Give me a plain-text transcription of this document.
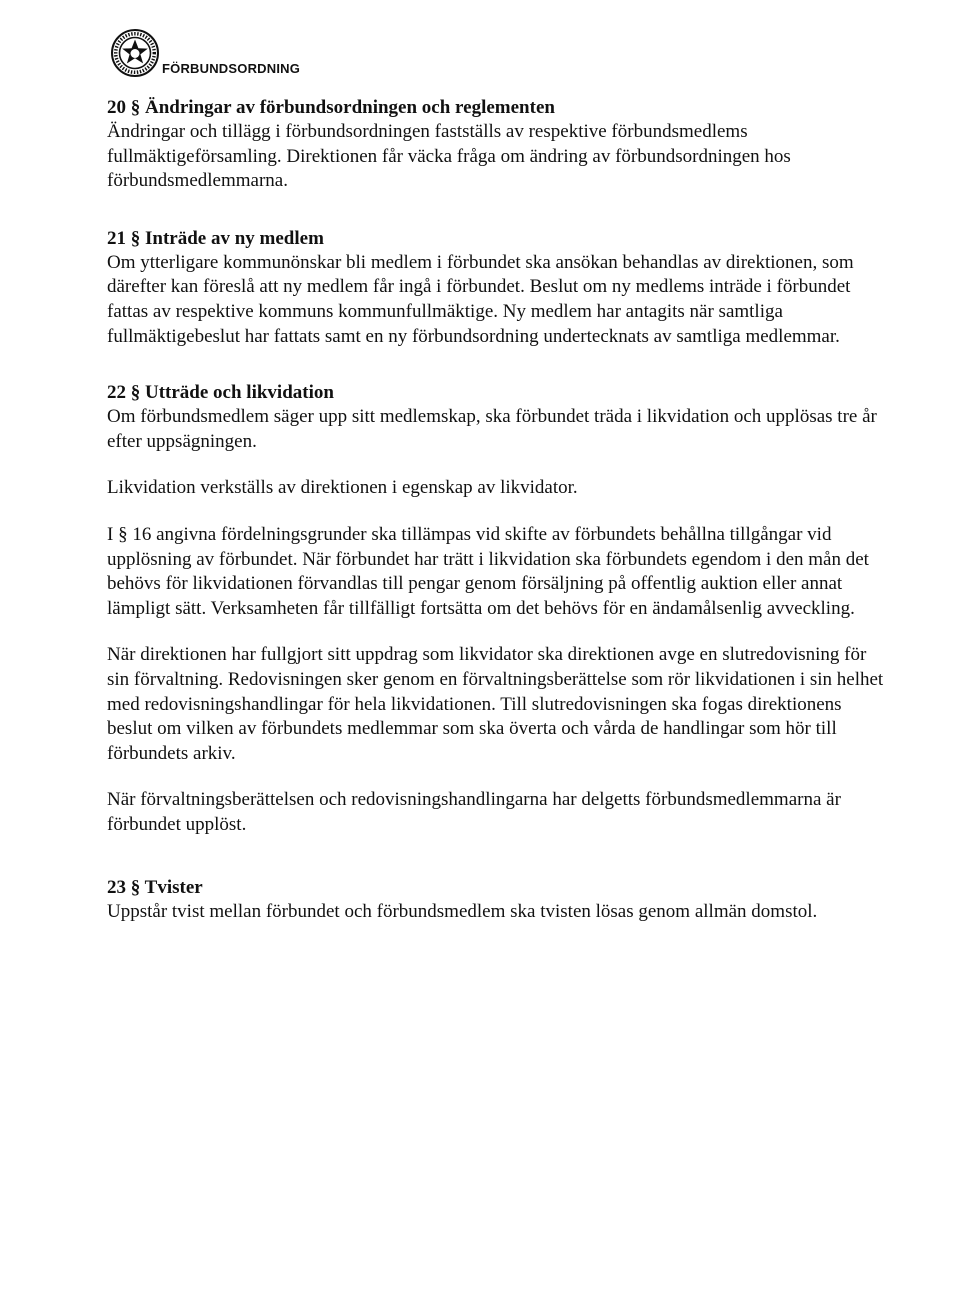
FÖRBUNDSORDNING

20 § Ändringar av förbundsordningen och reglementen

Ändringar och tillägg i förbundsordningen fastställs av respektive förbundsmedlems fullmäktigeförsamling. Direktionen får väcka fråga om ändring av förbundsordningen hos förbundsmedlemmarna.

21 § Inträde av ny medlem

Om ytterligare kommunönskar bli medlem i förbundet ska ansökan behandlas av direktionen, som därefter kan föreslå att ny medlem får ingå i förbundet. Beslut om ny medlems inträde i förbundet fattas av respektive kommuns kommunfullmäktige. Ny medlem har antagits när samtliga fullmäktigebeslut har fattats samt en ny förbundsordning undertecknats av samtliga medlemmar.

22 § Utträde och likvidation

Om förbundsmedlem säger upp sitt medlemskap, ska förbundet träda i likvidation och upplösas tre år efter uppsägningen.

Likvidation verkställs av direktionen i egenskap av likvidator.

I § 16 angivna fördelningsgrunder ska tillämpas vid skifte av förbundets behållna tillgångar vid upplösning av förbundet. När förbundet har trätt i likvidation ska förbundets egendom i den mån det behövs för likvidationen förvandlas till pengar genom försäljning på offentlig auktion eller annat lämpligt sätt. Verksamheten får tillfälligt fortsätta om det behövs för en ändamålsenlig avveckling.

När direktionen har fullgjort sitt uppdrag som likvidator ska direktionen avge en slutredovisning för sin förvaltning. Redovisningen sker genom en förvaltningsberättelse som rör likvidationen i sin helhet med redovisningshandlingar för hela likvidationen. Till slutredovisningen ska fogas direktionens beslut om vilken av förbundets medlemmar som ska överta och vårda de handlingar som hör till förbundets arkiv.

När förvaltningsberättelsen och redovisningshandlingarna har delgetts förbundsmedlemmarna är förbundet upplöst.

23 § Tvister

Uppstår tvist mellan förbundet och förbundsmedlem ska tvisten lösas genom allmän domstol.
